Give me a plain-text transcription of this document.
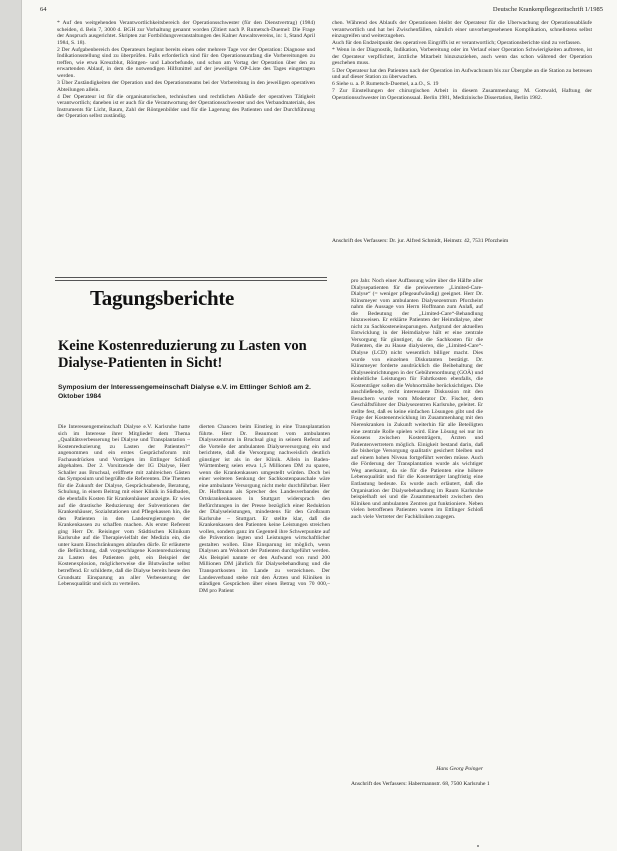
64	Deutsche Krankenpflegezeitschrift 1/1985

* Auf den weitgehenden Verantwortlichkeitsbereich der Operationsschwester (für den Dienstvertrag) (1984) scheiden, d. Bein 7, 3000 d. BGH zur Vorhaltung genannt worden (Zitiert nach P. Rumetsch-Duemel: Die Frage der Anspruch ausgerichtet. Skripten zur Fortbildungsveranstaltungen des Kalner Anwaltsvereins, in: 1, Stand April 1984, S. 18).

2 Der Aufgabenbereich des Operateurs beginnt bereits einen oder mehrere Tage vor der Operation: Diagnose und Indikationsstellung sind zu überprüfen. Falls erforderlich sind für den Operationsumfang die Vorbereitungen zu treffen, wie etwa Kreuzblut, Röntgen- und Laborbefunde, und schon am Vortag der Operation über den zu erwartenden Ablauf, in dem die notwendigen Hilfsmittel auf der jeweiligen OP-Liste des Tages eingetragen werden.

3 Über Zuständigkeiten der Operation und des Operationsteams bei der Vorbereitung in den jeweiligen operativen Abteilungen allein.

4 Der Operateur ist für die organisatorischen, technischen und rechtlichen Abläufe der operativen Tätigkeit verantwortlich; daneben ist er auch für die Verantwortung der Operationsschwester und des Verbandmaterials, des Instruments für Licht, Raum, Zahl der Röntgenbilder und für die Lagerung des Patienten und der Durchführung der Operation selbst zuständig.

chen. Während des Ablaufs der Operationen bleibt der Operateur für die Überwachung der Operationsabläufe verantwortlich und hat bei Zwischenfällen, nämlich einer unvorhergesehenen Komplikation, schnellstens selbst einzugreifen und weiterzugehen.

Auch für den Endzeitpunkt des operativen Eingriffs ist er verantwortlich; Operationsberichte sind zu verfassen.

* Wenn in der Diagnostik, Indikation, Vorbereitung oder im Verlauf einer Operation Schwierigkeiten auftreten, ist der Operateur verpflichtet, ärztliche Mitarbeit hinzuzuziehen, auch wenn das schon während der Operation geschehen muss.

5 Der Operateur hat den Patienten nach der Operation im Aufwachraum bis zur Übergabe an die Station zu betreuen und auf dieser Station zu überwachen.

6 Siehe u. a. P. Rumetsch-Duemel, a.a.O., S. 19

7 Zur Einstellungen der chirurgischen Arbeit in diesem Zusammenhang; M. Gottwald, Haftung der Operationsschwester im Operationssaal. Berlin 1981, Medizinische Dissertation, Berlin 1982.

Anschrift des Verfassers: Dr. jur. Alfred Schmidt, Heimstr. 42, 7531 Pforzheim
Tagungsberichte
Keine Kostenreduzierung zu Lasten von Dialyse-Patienten in Sicht!
Symposium der Interessengemeinschaft Dialyse e.V. im Ettlinger Schloß am 2. Oktober 1984

Die Interessengemeinschaft Dialyse e.V. Karlsruhe hatte sich im Interesse ihrer Mitglieder dem Thema „Qualitätsverbesserung bei Dialyse und Transplantation – Kostenreduzierung zu Lasten der Patienten?“ angenommen und ein erstes Gesprächsforum mit Fachausdrücken und Vorträgen im Ettlinger Schloß abgehalten. Der 2. Vorsitzende der IG Dialyse, Herr Schaller aus Bruchsal, eröffnete mit zahlreichen Gästen das Symposium und begrüßte die Referenten. Die Themen für die Zukunft der Dialyse, Gesprächsabende, Beratung, Schulung, in einem Beitrag mit einer Klinik in Südbaden, die ebenfalls Kosten für Krankenhäuser anzeigte. Er wies auf die drastische Reduzierung der Subventionen der Krankenhäuser, Sozialstationen und Pflegekassen hin, die den Patienten in den Landesregierungen der Krankenkassen zu schaffen machen. Als erster Referent ging Herr Dr. Reisinger vom Städtischen Klinikum Karlsruhe auf die Therapievielfalt der Medizin ein, die unter kaum Einschränkungen ablaufen dürfe. Er erläuterte die Befürchtung, daß vorgeschlagene Kostenreduzierung zu Lasten des Patienten geht, ein Beispiel der Kostenexplosion, möglicherweise die Blutwäsche selbst betreffend. Er schilderte, daß die Dialyse bereits heute den Grundsatz Einsparung an aller Verbesserung der Lebensqualität und sich zu verteilen.

dierten Chancen beim Einstieg in eine Transplantation führte. Herr Dr. Beaumont vom ambulanten Dialysezentrum in Bruchsal ging in seinem Referat auf die Vorteile der ambulanten Dialyseversorgung ein und berichtete, daß die Versorgung nachweislich deutlich günstiger ist als in der Klinik. Allein in Baden-Württemberg seien etwa 1,5 Millionen DM zu sparen, wenn die Krankenkassen umgestellt würden. Doch bei einer weiteren Senkung der Sachkostenpauschale wäre eine ambulante Versorgung nicht mehr durchführbar. Herr Dr. Hoffmann als Sprecher des Landesverbandes der Ortskrankenkassen in Stuttgart widersprach den Befürchtungen in der Presse bezüglich einer Reduktion der Dialyseleistungen, mindestens für den Großraum Karlsruhe – Stuttgart. Er stellte klar, daß die Krankenkassen den Patienten keine Leistungen streichen wollen, sondern ganz im Gegenteil ihre Schwerpunkte auf die Prävention legten und Leistungen wirtschaftlicher gestalten wollen. Eine Einsparung ist möglich, wenn Dialysen am Wohnort der Patienten durchgeführt werden. Als Beispiel nannte er den Aufwand von rund 200 Millionen DM jährlich für Dialysebehandlung und die Transportkosten im Lande zu verzeichnen. Der Landesverband stehe mit den Ärzten und Kliniken in ständigen Gesprächen über einen Betrag von 70 000,– DM pro Patient

pro Jahr. Noch einer Auffassung wäre über die Hälfte aller Dialysepatienten für die preiswertere „Limited-Care-Dialyse“ (= weniger pflegeaufwändig) geeignet. Herr Dr. Klinsmeyer vom ambulanten Dialysezentrum Pforzheim nahm die Aussage von Herrn Hoffmann zum Anlaß, auf die Bedeutung der „Limited-Care“-Behandlung hinzuweisen. Er erklärte Patienten der Heimdialyse, aber nicht zu Sachkosteneinsparungen. Aufgrund der aktuellen Entwicklung in der Heimdialyse hält er eine zentrale Versorgung für günstiger, da die Sachkosten für die Patienten, die zu Hause dialysieren, die „Limited-Care“-Dialyse (LCD) nicht wesentlich billiger macht. Dies wurde von einzelnen Diskutanten bestätigt. Dr. Klinsmeyer forderte ausdrücklich die Beibehaltung der Dialyseeinrichtungen in der Gebührenordnung (GOÄ) und einheitliche Leistungen für Fahrtkosten ebenfalls, die Kostenträger sollen die Wohnortnähe berücksichtigen. Die anschließende, recht interessante Diskussion mit den Besuchern wurde vom Moderator Dr. Fischer, dem Geschäftsführer der Dialysezentren Karlsruhe, geleitet. Er stellte fest, daß es keine einfachen Lösungen gibt und die Frage der Kostenentwicklung im Zusammenhang mit den Nierenkranken in Zukunft weiterhin für alle Beteiligten eine zentrale Rolle spielen wird. Eine Lösung sei nur im Konsens zwischen Kostenträgern, Ärzten und Patientenvertretern möglich. Einigkeit bestand darin, daß die bisherige Versorgung qualitativ gesichert bleiben und auf einem hohen Niveau fortgeführt werden müsse. Auch die Förderung der Transplantation wurde als wichtiger Weg anerkannt, da sie für die Patienten eine höhere Lebensqualität und für die Kostenträger langfristig eine Entlastung bedeute. Es wurde auch erläutert, daß die Organisation der Dialysebehandlung im Raum Karlsruhe beispielhaft sei und die Zusammenarbeit zwischen den Kliniken und ambulanten Zentren gut funktioniere. Neben vielen betroffenen Patienten waren im Ettlinger Schloß auch viele Vertreter der Fachkliniken zugegen.

Hans Georg Poinger
Anschrift des Verfassers: Habermannstr. 68, 7500 Karlsruhe 1
